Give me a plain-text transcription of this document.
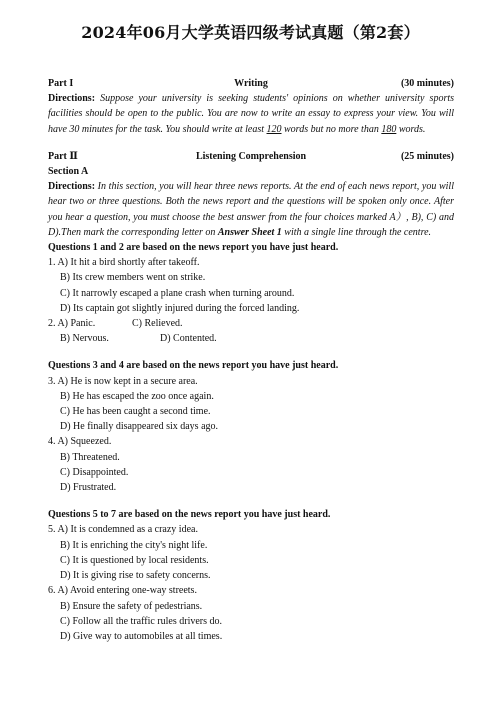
2024年06月大学英语四级考试真题（第2套）
Part I	Writing	(30 minutes)
Directions: Suppose your university is seeking students' opinions on whether university sports facilities should be open to the public. You are now to write an essay to express your view. You will have 30 minutes for the task. You should write at least 120 words but no more than 180 words.
Part Ⅱ	Listening Comprehension	(25 minutes)
Section A
Directions: In this section, you will hear three news reports. At the end of each news report, you will hear two or three questions. Both the news report and the questions will be spoken only once. After you hear a question, you must choose the best answer from the four choices marked A）, B), C) and D).Then mark the corresponding letter on Answer Sheet 1 with a single line through the centre.
Questions 1 and 2 are based on the news report you have just heard.
1. A) It hit a bird shortly after takeoff.
B) Its crew members went on strike.
C) It narrowly escaped a plane crash when turning around.
D) Its captain got slightly injured during the forced landing.
2. A) Panic.	C) Relieved.
B) Nervous.	D) Contented.
Questions 3 and 4 are based on the news report you have just heard.
3. A) He is now kept in a secure area.
B) He has escaped the zoo once again.
C) He has been caught a second time.
D) He finally disappeared six days ago.
4. A) Squeezed.
B) Threatened.
C) Disappointed.
D) Frustrated.
Questions 5 to 7 are based on the news report you have just heard.
5. A) It is condemned as a crazy idea.
B) It is enriching the city's night life.
C) It is questioned by local residents.
D) It is giving rise to safety concerns.
6. A) Avoid entering one-way streets.
B) Ensure the safety of pedestrians.
C) Follow all the traffic rules drivers do.
D) Give way to automobiles at all times.
